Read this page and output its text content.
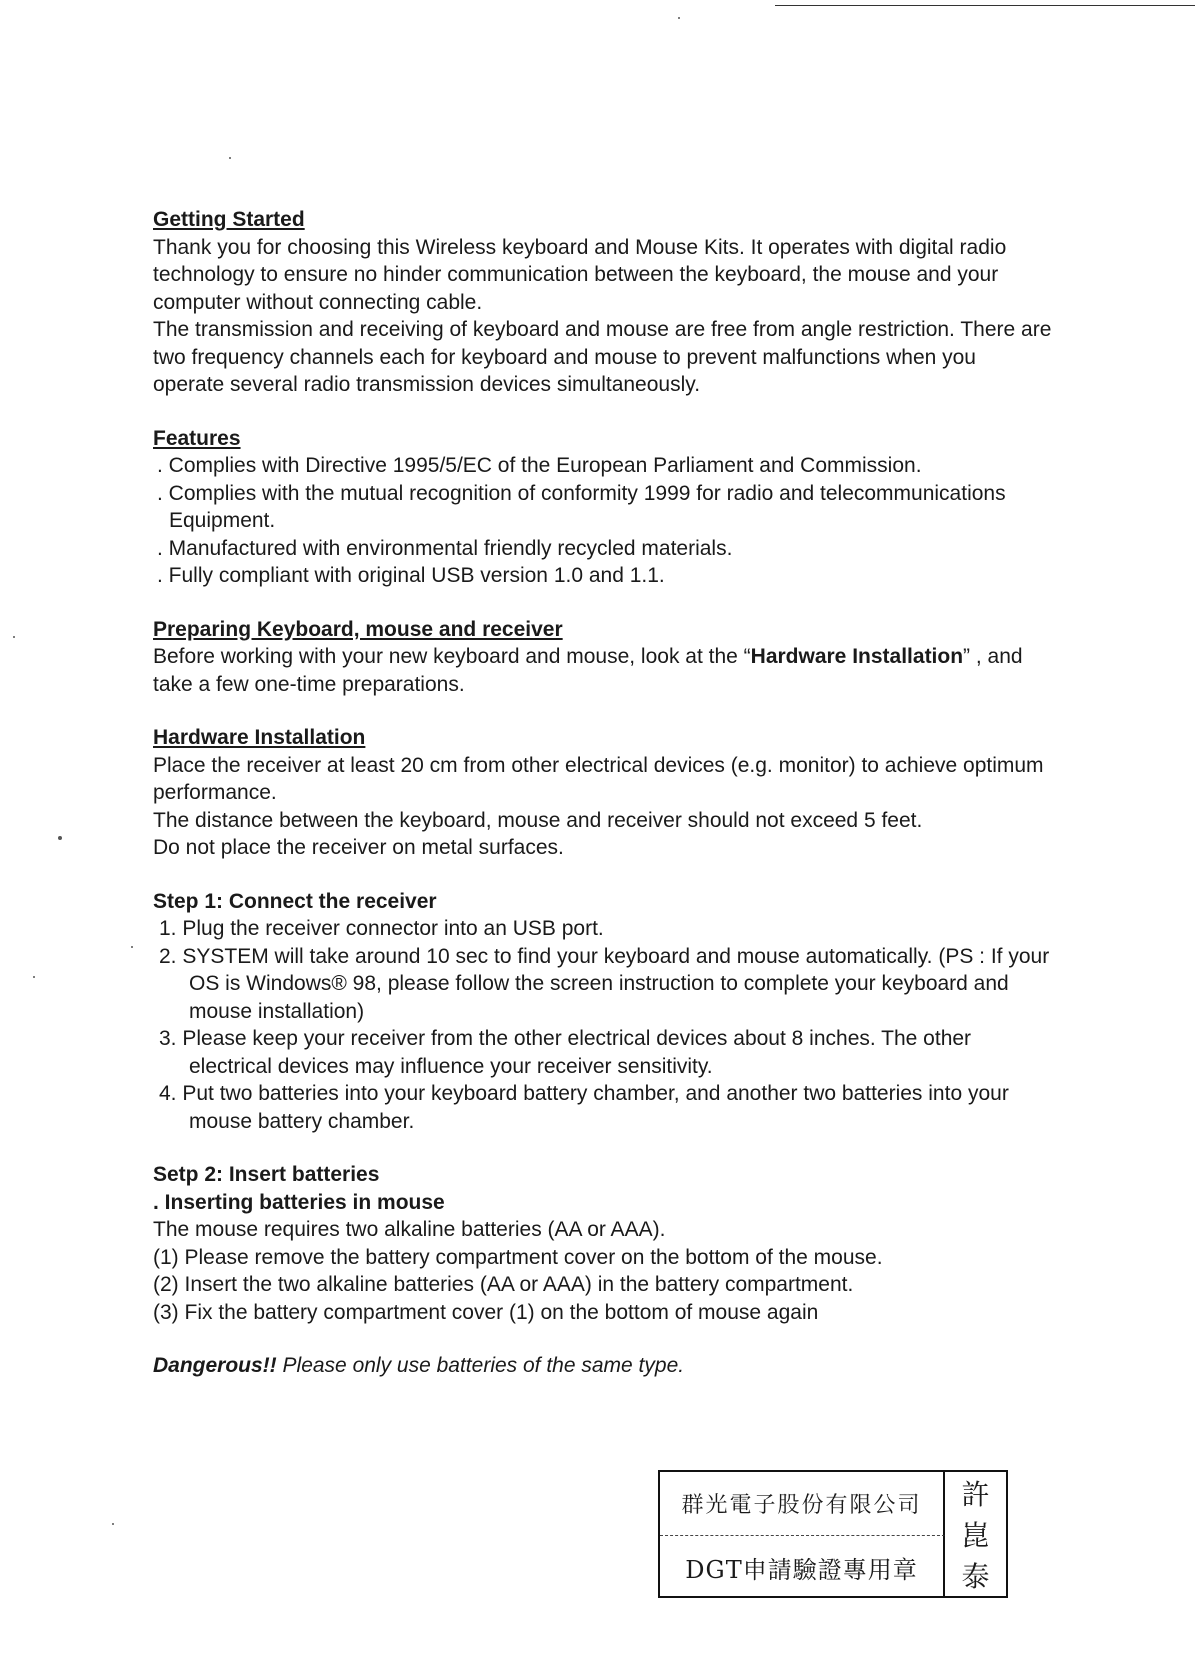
Getting Started

Thank you for choosing this Wireless keyboard and Mouse Kits. It operates with digital radio technology to ensure no hinder communication between the keyboard, the mouse and your computer without connecting cable.

The transmission and receiving of keyboard and mouse are free from angle restriction. There are two frequency channels each for keyboard and mouse to prevent malfunctions when you operate several radio transmission devices simultaneously.

Features
. Complies with Directive 1995/5/EC of the European Parliament and Commission.
. Complies with the mutual recognition of conformity 1999 for radio and telecommunications Equipment.
. Manufactured with environmental friendly recycled materials.
. Fully compliant with original USB version 1.0 and 1.1.
Preparing Keyboard, mouse and receiver

Before working with your new keyboard and mouse, look at the “Hardware Installation” , and take a few one-time preparations.

Hardware Installation

Place the receiver at least 20 cm from other electrical devices (e.g. monitor) to achieve optimum performance.

The distance between the keyboard, mouse and receiver should not exceed 5 feet.

Do not place the receiver on metal surfaces.

Step 1: Connect the receiver
1. Plug the receiver connector into an USB port.
2. SYSTEM will take around 10 sec to find your keyboard and mouse automatically. (PS : If your OS is Windows® 98, please follow the screen instruction to complete your keyboard and mouse installation)
3. Please keep your receiver from the other electrical devices about 8 inches. The other electrical devices may influence your receiver sensitivity.
4. Put two batteries into your keyboard battery chamber, and another two batteries into your mouse battery chamber.
Setp 2: Insert batteries

. Inserting batteries in mouse

The mouse requires two alkaline batteries (AA or AAA).

(1) Please remove the battery compartment cover on the bottom of the mouse.

(2) Insert the two alkaline batteries (AA or AAA) in the battery compartment.

(3) Fix the battery compartment cover (1) on the bottom of mouse again

Dangerous!! Please only use batteries of the same type.

群光電子股份有限公司
DGT申請驗證專用章
許
崑
泰
